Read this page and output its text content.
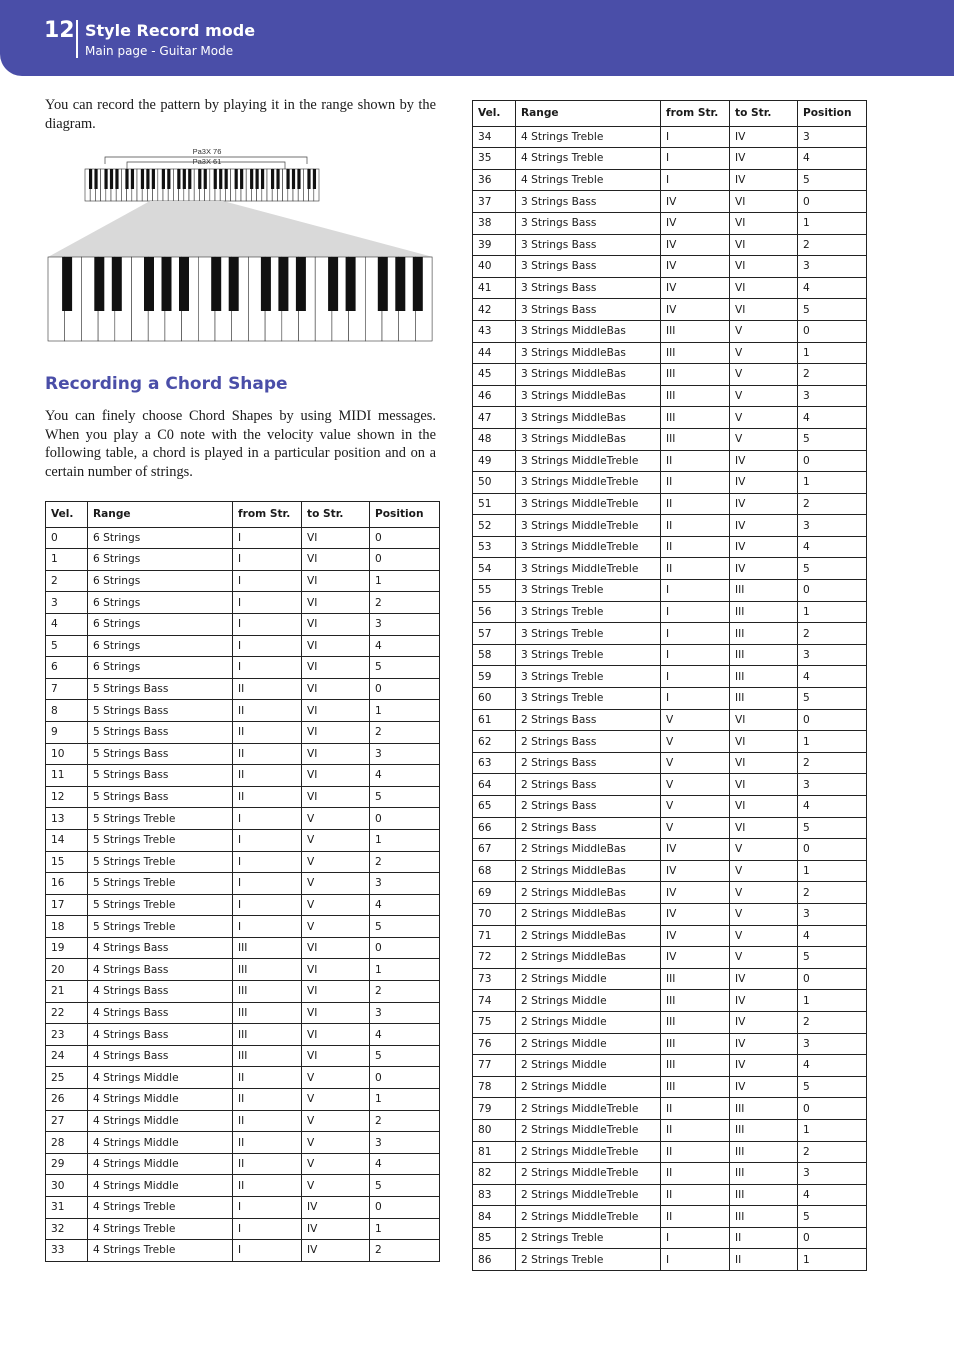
12 Style Record mode
Main page - Guitar Mode

You can record the pattern by playing it in the range shown by the diagram.

Pa3X 76
Pa3X 61
Recording a Chord Shape

You can finely choose Chord Shapes by using MIDI messages. When you play a C0 note with the velocity value shown in the following table, a chord is played in a particular position and on a certain number of strings.

Vel.	Range	from Str.	to Str.	Position
0	6 Strings	I	VI	0
1	6 Strings	I	VI	0
2	6 Strings	I	VI	1
3	6 Strings	I	VI	2
4	6 Strings	I	VI	3
5	6 Strings	I	VI	4
6	6 Strings	I	VI	5
7	5 Strings Bass	II	VI	0
8	5 Strings Bass	II	VI	1
9	5 Strings Bass	II	VI	2
10	5 Strings Bass	II	VI	3
11	5 Strings Bass	II	VI	4
12	5 Strings Bass	II	VI	5
13	5 Strings Treble	I	V	0
14	5 Strings Treble	I	V	1
15	5 Strings Treble	I	V	2
16	5 Strings Treble	I	V	3
17	5 Strings Treble	I	V	4
18	5 Strings Treble	I	V	5
19	4 Strings Bass	III	VI	0
20	4 Strings Bass	III	VI	1
21	4 Strings Bass	III	VI	2
22	4 Strings Bass	III	VI	3
23	4 Strings Bass	III	VI	4
24	4 Strings Bass	III	VI	5
25	4 Strings Middle	II	V	0
26	4 Strings Middle	II	V	1
27	4 Strings Middle	II	V	2
28	4 Strings Middle	II	V	3
29	4 Strings Middle	II	V	4
30	4 Strings Middle	II	V	5
31	4 Strings Treble	I	IV	0
32	4 Strings Treble	I	IV	1
33	4 Strings Treble	I	IV	2
Vel.	Range	from Str.	to Str.	Position
34	4 Strings Treble	I	IV	3
35	4 Strings Treble	I	IV	4
36	4 Strings Treble	I	IV	5
37	3 Strings Bass	IV	VI	0
38	3 Strings Bass	IV	VI	1
39	3 Strings Bass	IV	VI	2
40	3 Strings Bass	IV	VI	3
41	3 Strings Bass	IV	VI	4
42	3 Strings Bass	IV	VI	5
43	3 Strings MiddleBas	III	V	0
44	3 Strings MiddleBas	III	V	1
45	3 Strings MiddleBas	III	V	2
46	3 Strings MiddleBas	III	V	3
47	3 Strings MiddleBas	III	V	4
48	3 Strings MiddleBas	III	V	5
49	3 Strings MiddleTreble	II	IV	0
50	3 Strings MiddleTreble	II	IV	1
51	3 Strings MiddleTreble	II	IV	2
52	3 Strings MiddleTreble	II	IV	3
53	3 Strings MiddleTreble	II	IV	4
54	3 Strings MiddleTreble	II	IV	5
55	3 Strings Treble	I	III	0
56	3 Strings Treble	I	III	1
57	3 Strings Treble	I	III	2
58	3 Strings Treble	I	III	3
59	3 Strings Treble	I	III	4
60	3 Strings Treble	I	III	5
61	2 Strings Bass	V	VI	0
62	2 Strings Bass	V	VI	1
63	2 Strings Bass	V	VI	2
64	2 Strings Bass	V	VI	3
65	2 Strings Bass	V	VI	4
66	2 Strings Bass	V	VI	5
67	2 Strings MiddleBas	IV	V	0
68	2 Strings MiddleBas	IV	V	1
69	2 Strings MiddleBas	IV	V	2
70	2 Strings MiddleBas	IV	V	3
71	2 Strings MiddleBas	IV	V	4
72	2 Strings MiddleBas	IV	V	5
73	2 Strings Middle	III	IV	0
74	2 Strings Middle	III	IV	1
75	2 Strings Middle	III	IV	2
76	2 Strings Middle	III	IV	3
77	2 Strings Middle	III	IV	4
78	2 Strings Middle	III	IV	5
79	2 Strings MiddleTreble	II	III	0
80	2 Strings MiddleTreble	II	III	1
81	2 Strings MiddleTreble	II	III	2
82	2 Strings MiddleTreble	II	III	3
83	2 Strings MiddleTreble	II	III	4
84	2 Strings MiddleTreble	II	III	5
85	2 Strings Treble	I	II	0
86	2 Strings Treble	I	II	1
